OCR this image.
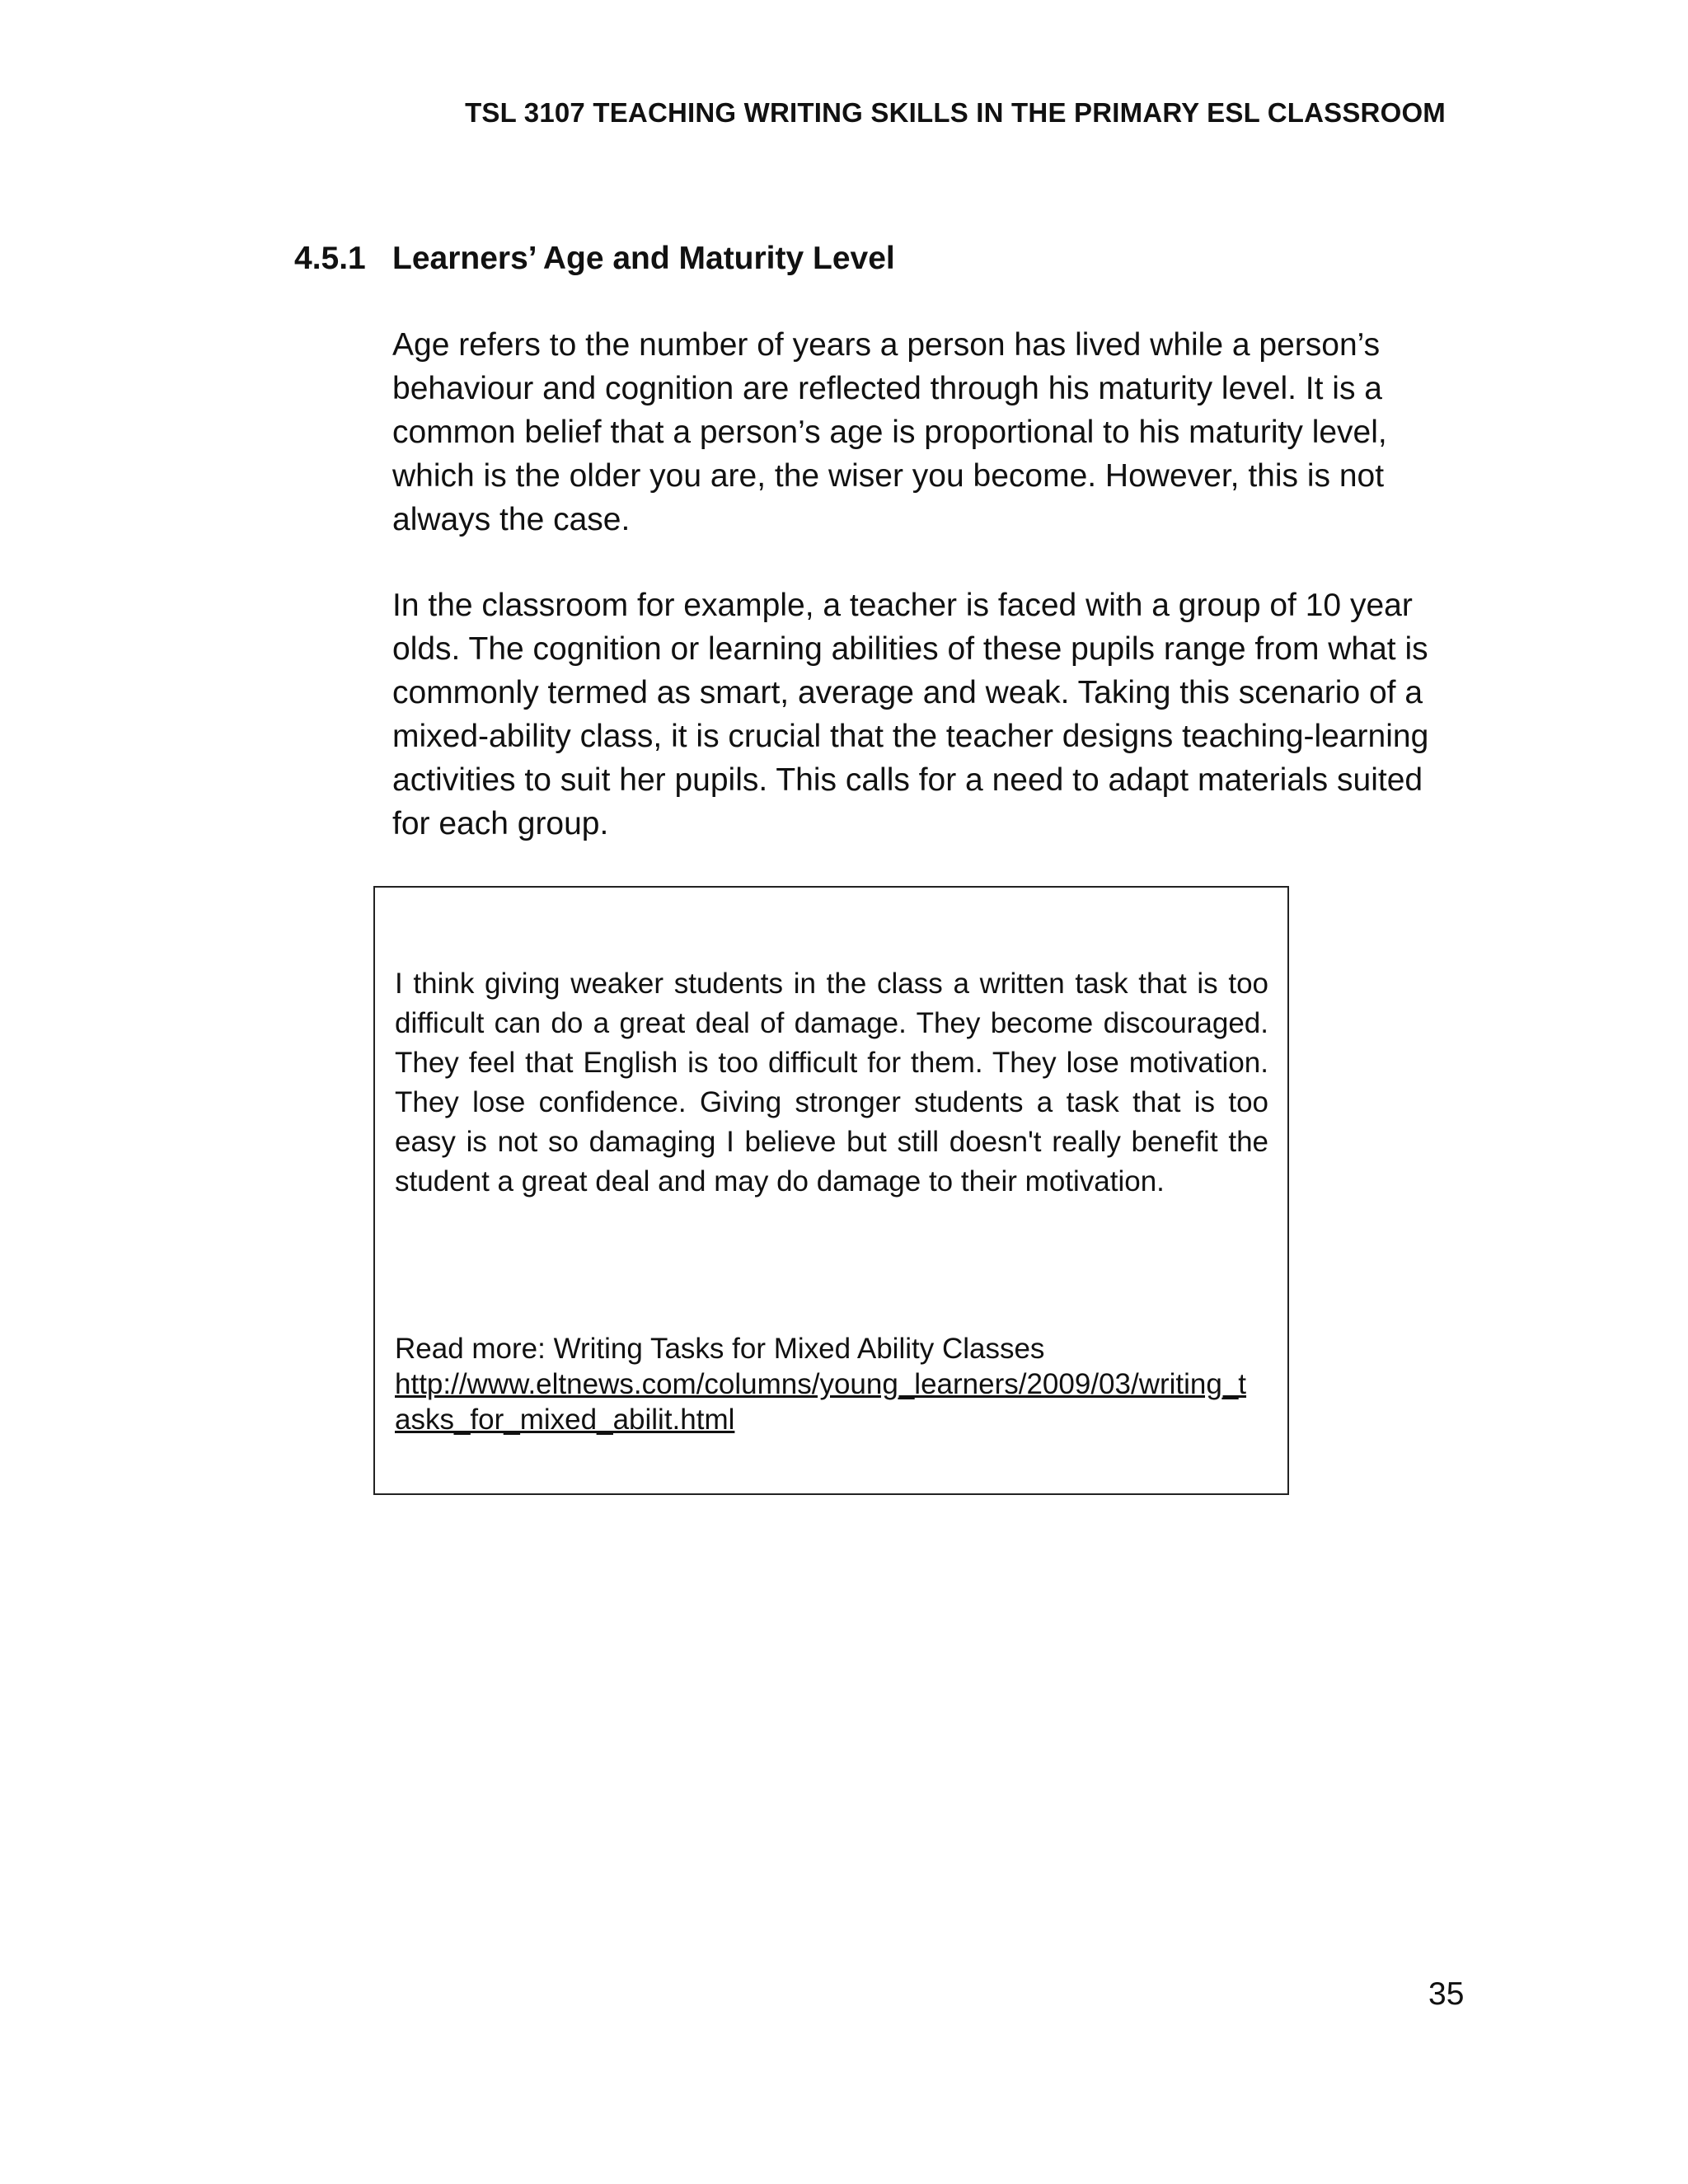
TSL 3107 TEACHING WRITING SKILLS IN THE PRIMARY ESL CLASSROOM
4.5.1 Learners’ Age and Maturity Level

Age refers to the number of years a person has lived while a person’s
behaviour and cognition are reflected through his maturity level. It is a
common belief that a person’s age is proportional to his maturity level,
which is the older you are, the wiser you become. However, this is not
always the case.

In the classroom for example, a teacher is faced with a group of 10 year
olds. The cognition or learning abilities of these pupils range from what is
commonly termed as smart, average and weak. Taking this scenario of a
mixed-ability class, it is crucial that the teacher designs teaching-learning
activities to suit her pupils. This calls for a need to adapt materials suited
for each group.

I think giving weaker students in the class a written task that is too difficult can do a great deal of damage. They become discouraged. They feel that English is too difficult for them. They lose motivation. They lose confidence. Giving stronger students a task that is too easy is not so damaging I believe but still doesn't really benefit the student a great deal and may do damage to their motivation.

Read more: Writing Tasks for Mixed Ability Classes
http://www.eltnews.com/columns/young_learners/2009/03/writing_tasks_for_mixed_abilit.html
35
